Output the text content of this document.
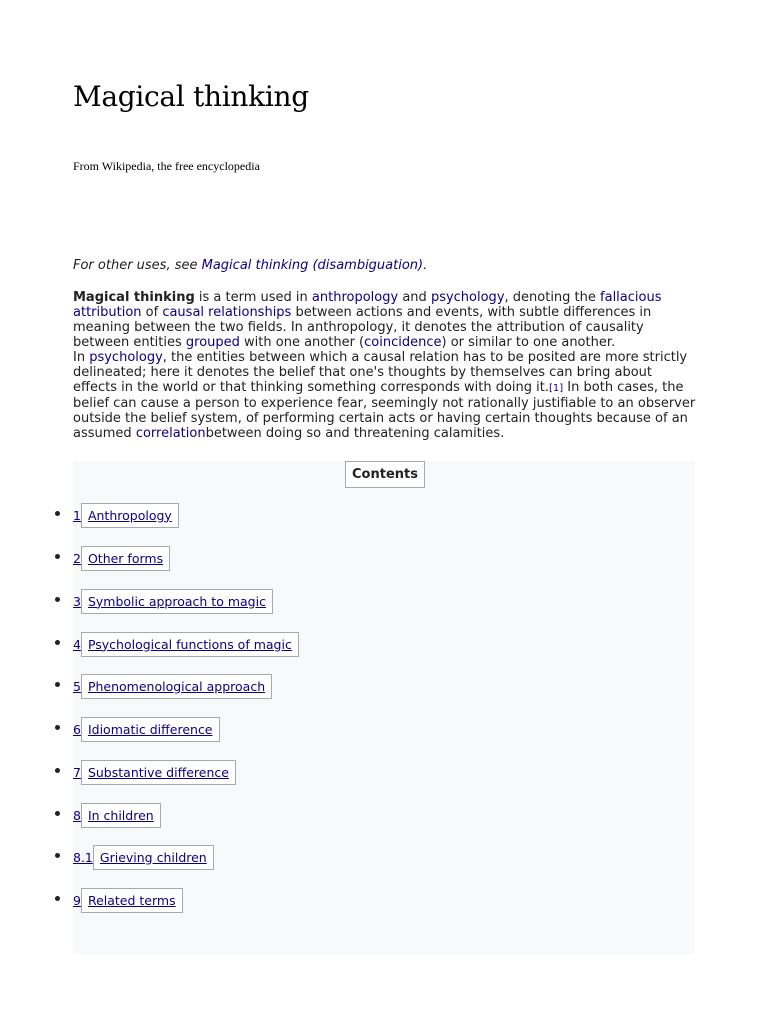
Magical thinking
From Wikipedia, the free encyclopedia
For other uses, see Magical thinking (disambiguation).

Magical thinking is a term used in anthropology and psychology, denoting the fallacious attribution of causal relationships between actions and events, with subtle differences in meaning between the two fields. In anthropology, it denotes the attribution of causality between entities grouped with one another (coincidence) or similar to one another.
In psychology, the entities between which a causal relation has to be posited are more strictly delineated; here it denotes the belief that one's thoughts by themselves can bring about effects in the world or that thinking something corresponds with doing it.[1] In both cases, the belief can cause a person to experience fear, seemingly not rationally justifiable to an observer outside the belief system, of performing certain acts or having certain thoughts because of an assumed correlationbetween doing so and threatening calamities.

Contents
1 Anthropology
2 Other forms
3 Symbolic approach to magic
4 Psychological functions of magic
5 Phenomenological approach
6 Idiomatic difference
7 Substantive difference
8 In children
8.1 Grieving children
9 Related terms
